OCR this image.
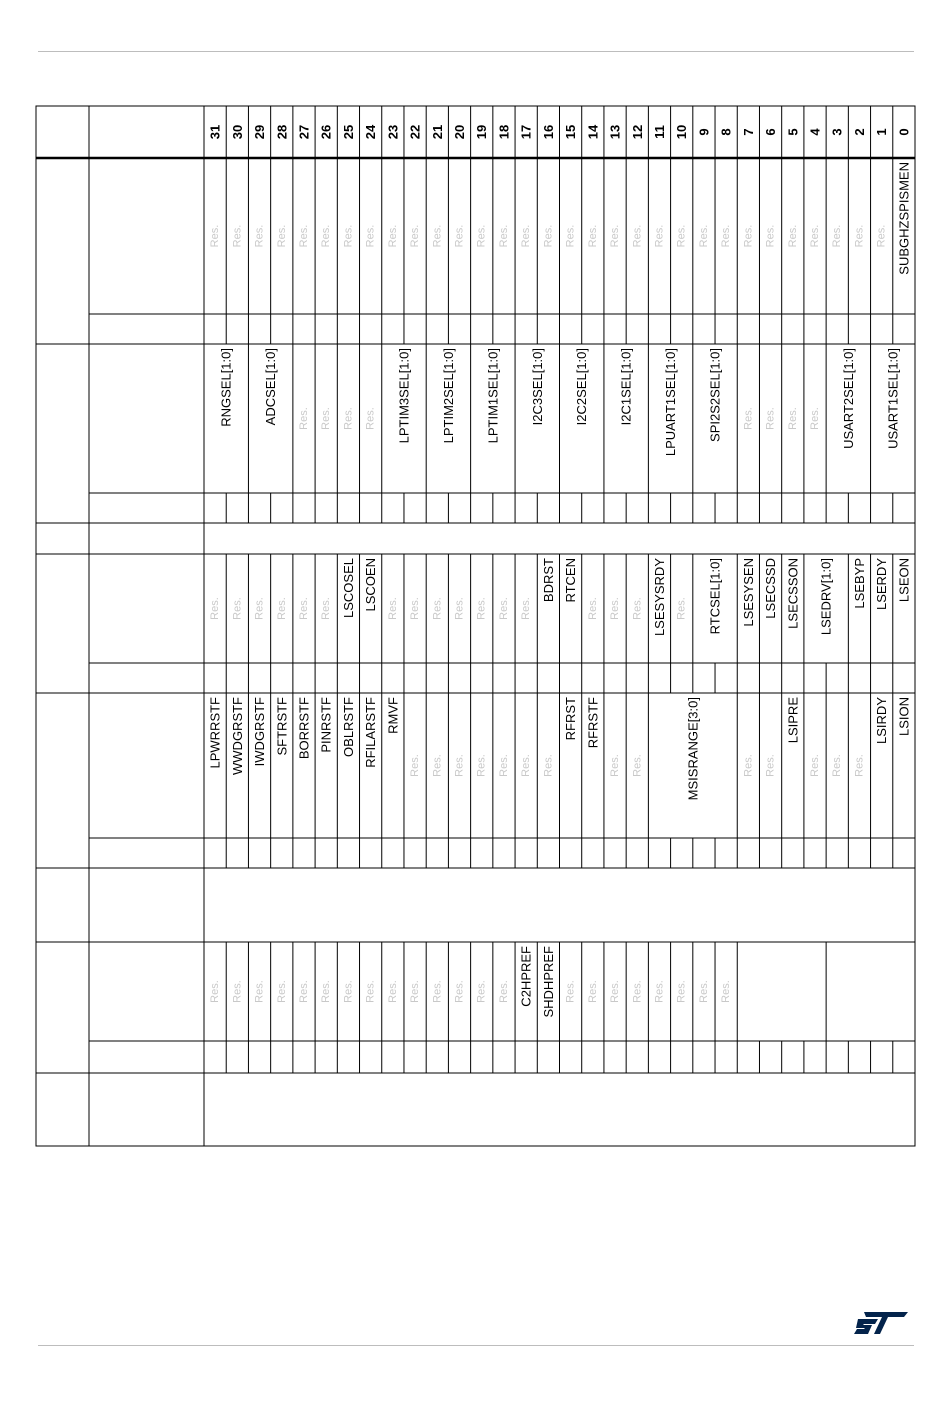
31 30 29 28 27 26 25 24 23 22 21 20 19 18 17 16 15 14 13 12 11 10 9 8 7 6 5 4 3 2 1 0
Res. Res. Res. Res. Res. Res. Res. Res. Res. Res. Res. Res. Res. Res. Res. Res. Res. Res. Res. Res. Res. Res. Res. Res. Res. Res. Res. Res. Res. Res. Res. SUBGHZSPISMEN
RNGSEL[1:0] ADCSEL[1:0] Res. Res. Res. Res. LPTIM3SEL[1:0] LPTIM2SEL[1:0] LPTIM1SEL[1:0] I2C3SEL[1:0] I2C2SEL[1:0] I2C1SEL[1:0] LPUART1SEL[1:0] SPI2S2SEL[1:0] Res. Res. Res. Res. USART2SEL[1:0] USART1SEL[1:0]
Res. Res. Res. Res. Res. Res. LSCOSEL LSCOEN Res. Res. Res. Res. Res. Res. Res.
BDRST RTCEN
Res. Res. Res. LSESYSRDY Res. RTCSEL[1:0] LSESYSEN LSECSSD LSECSSON LSEDRV[1:0] LSEBYP LSERDY LSEON
LPWRRSTF WWDGRSTF IWDGRSTF SFTRSTF BORRSTF PINRSTF OBLRSTF RFILARSTF RMVF
Res. Res. Res. Res. Res. Res. Res.
RFRST RFRSTF
Res. Res.	MSISRANGE[3:0]	Res. Res.
LSIPRE
Res. Res. Res.
LSIRDY LSION
Res. Res. Res. Res. Res. Res. Res. Res. Res. Res. Res. Res. Res. Res. C2HPREF SHDHPREF Res. Res. Res. Res. Res. Res. Res. Res.
